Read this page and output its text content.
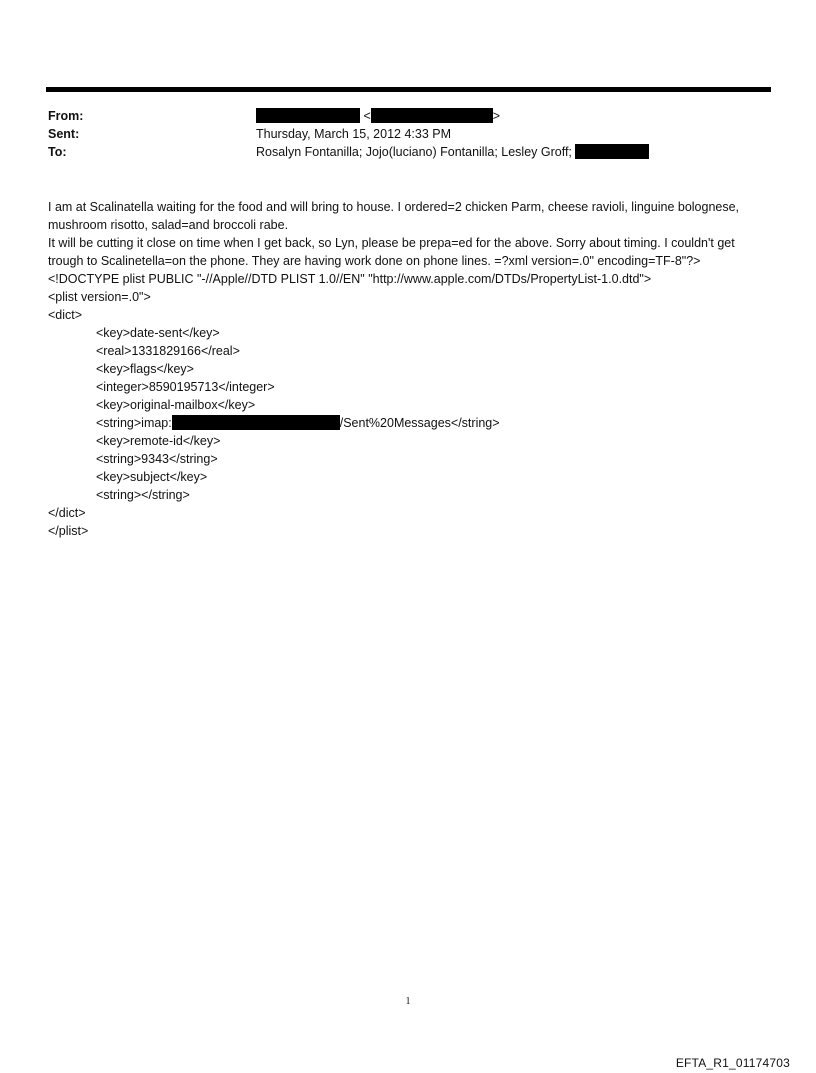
From:	<	>
Sent:	Thursday, March 15, 2012 4:33 PM
To:	Rosalyn Fontanilla; Jojo(luciano) Fontanilla; Lesley Groff;

I am at Scalinatella waiting for the food and will bring to house. I ordered=2 chicken Parm, cheese ravioli, linguine bolognese, mushroom risotto, salad=and broccoli rabe.

It will be cutting it close on time when I get back, so Lyn, please be prepa=ed for the above. Sorry about timing. I couldn't get trough to Scalinetella=on the phone. They are having work done on phone lines. =?xml version=.0" encoding=TF-8"?> <!DOCTYPE plist PUBLIC "-//Apple//DTD PLIST 1.0//EN" "http://www.apple.com/DTDs/PropertyList-1.0.dtd">

<plist version=.0">
<dict>
<key>date-sent</key>
<real>1331829166</real>
<key>flags</key>
<integer>8590195713</integer>
<key>original-mailbox</key>
<string>imap:	/Sent%20Messages</string>
<key>remote-id</key>
<string>9343</string>
<key>subject</key>
<string></string>
</dict>
</plist>
1
EFTA_R1_01174703
